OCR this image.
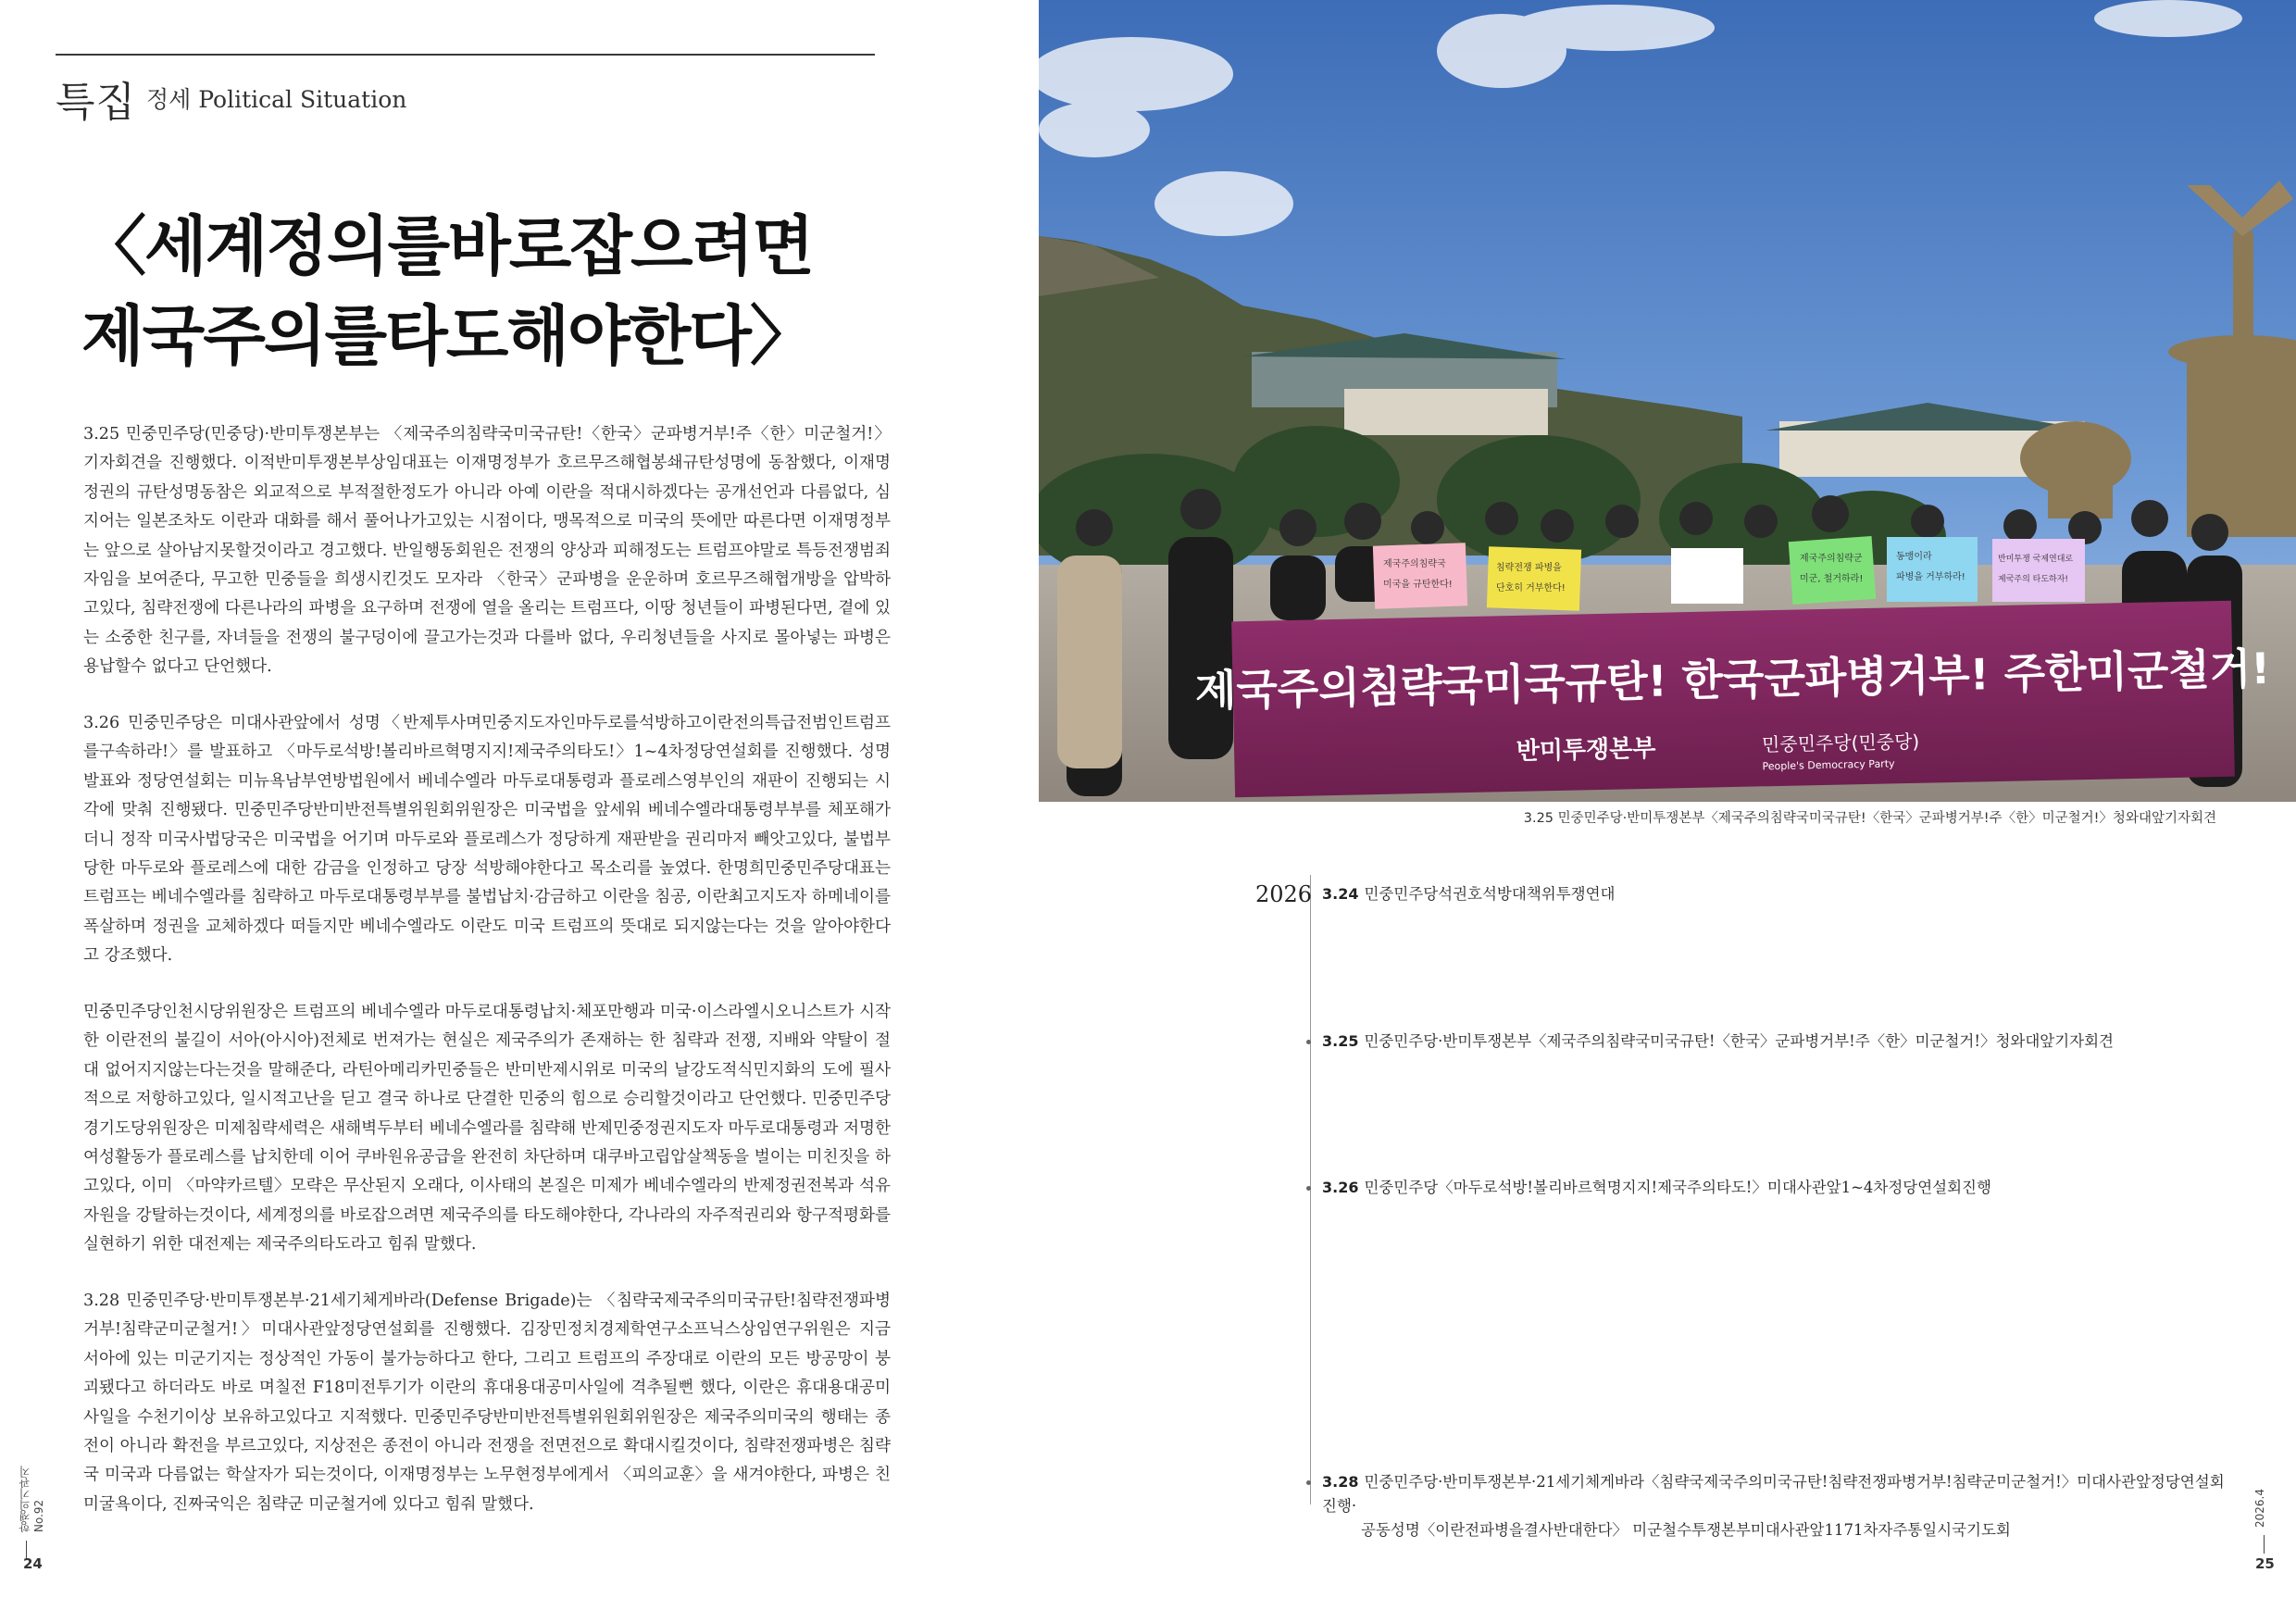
특집 정세 Political Situation
〈세계정의를바로잡으려면
제국주의를타도해야한다〉

3.25 민중민주당(민중당)·반미투쟁본부는 〈제국주의침략국미국규탄!〈한국〉군파병거부!주〈한〉미군철거!〉기자회견을 진행했다. 이적반미투쟁본부상임대표는 이재명정부가 호르무즈해협봉쇄규탄성명에 동참했다, 이재명정권의 규탄성명동참은 외교적으로 부적절한정도가 아니라 아예 이란을 적대시하겠다는 공개선언과 다름없다, 심지어는 일본조차도 이란과 대화를 해서 풀어나가고있는 시점이다, 맹목적으로 미국의 뜻에만 따른다면 이재명정부는 앞으로 살아남지못할것이라고 경고했다. 반일행동회원은 전쟁의 양상과 피해정도는 트럼프야말로 특등전쟁범죄자임을 보여준다, 무고한 민중들을 희생시킨것도 모자라 〈한국〉군파병을 운운하며 호르무즈해협개방을 압박하고있다, 침략전쟁에 다른나라의 파병을 요구하며 전쟁에 열을 올리는 트럼프다, 이땅 청년들이 파병된다면, 곁에 있는 소중한 친구를, 자녀들을 전쟁의 불구덩이에 끌고가는것과 다를바 없다, 우리청년들을 사지로 몰아넣는 파병은 용납할수 없다고 단언했다.

3.26 민중민주당은 미대사관앞에서 성명〈반제투사며민중지도자인마두로를석방하고이란전의특급전범인트럼프를구속하라!〉를 발표하고 〈마두로석방!볼리바르혁명지지!제국주의타도!〉1~4차정당연설회를 진행했다. 성명발표와 정당연설회는 미뉴욕남부연방법원에서 베네수엘라 마두로대통령과 플로레스영부인의 재판이 진행되는 시각에 맞춰 진행됐다. 민중민주당반미반전특별위원회위원장은 미국법을 앞세워 베네수엘라대통령부부를 체포해가더니 정작 미국사법당국은 미국법을 어기며 마두로와 플로레스가 정당하게 재판받을 권리마저 빼앗고있다, 불법부당한 마두로와 플로레스에 대한 감금을 인정하고 당장 석방해야한다고 목소리를 높였다. 한명희민중민주당대표는 트럼프는 베네수엘라를 침략하고 마두로대통령부부를 불법납치·감금하고 이란을 침공, 이란최고지도자 하메네이를 폭살하며 정권을 교체하겠다 떠들지만 베네수엘라도 이란도 미국 트럼프의 뜻대로 되지않는다는 것을 알아야한다고 강조했다.

민중민주당인천시당위원장은 트럼프의 베네수엘라 마두로대통령납치·체포만행과 미국·이스라엘시오니스트가 시작한 이란전의 불길이 서아(아시아)전체로 번져가는 현실은 제국주의가 존재하는 한 침략과 전쟁, 지배와 약탈이 절대 없어지지않는다는것을 말해준다, 라틴아메리카민중들은 반미반제시위로 미국의 날강도적식민지화의 도에 필사적으로 저항하고있다, 일시적고난을 딛고 결국 하나로 단결한 민중의 힘으로 승리할것이라고 단언했다. 민중민주당경기도당위원장은 미제침략세력은 새해벽두부터 베네수엘라를 침략해 반제민중정권지도자 마두로대통령과 저명한 여성활동가 플로레스를 납치한데 이어 쿠바원유공급을 완전히 차단하며 대쿠바고립압살책동을 벌이는 미친짓을 하고있다, 이미 〈마약카르텔〉모략은 무산된지 오래다, 이사태의 본질은 미제가 베네수엘라의 반제정권전복과 석유자원을 강탈하는것이다, 세계정의를 바로잡으려면 제국주의를 타도해야한다, 각나라의 자주적권리와 항구적평화를 실현하기 위한 대전제는 제국주의타도라고 힘줘 말했다.

3.28 민중민주당·반미투쟁본부·21세기체게바라(Defense Brigade)는 〈침략국제국주의미국규탄!침략전쟁파병거부!침략군미군철거!〉미대사관앞정당연설회를 진행했다. 김장민정치경제학연구소프닉스상임연구위원은 지금 서아에 있는 미군기지는 정상적인 가동이 불가능하다고 한다, 그리고 트럼프의 주장대로 이란의 모든 방공망이 붕괴됐다고 하더라도 바로 며칠전 F18미전투기가 이란의 휴대용대공미사일에 격추될뻔 했다, 이란은 휴대용대공미사일을 수천기이상 보유하고있다고 지적했다. 민중민주당반미반전특별위원회위원장은 제국주의미국의 행태는 종전이 아니라 확전을 부르고있다, 지상전은 종전이 아니라 전쟁을 전면전으로 확대시킬것이다, 침략전쟁파병은 침략국 미국과 다름없는 학살자가 되는것이다, 이재명정부는 노무현정부에게서 〈피의교훈〉을 새겨야한다, 파병은 친미굴욕이다, 진짜국익은 침략군 미군철거에 있다고 힘줘 말했다.

항쟁의기관지 No.92
24
제국주의침략국
미국을 규탄한다!
침략전쟁 파병을
단호히 거부한다!
제국주의침략군
미군, 철거하라!
동맹이라
파병을 거부하라!
반미투쟁 국제연대로
제국주의 타도하자!
제국주의침략국미국규탄! 한국군파병거부! 주한미군철거!
반미투쟁본부	민중민주당(민중당)
People's Democracy Party
3.25 민중민주당·반미투쟁본부〈제국주의침략국미국규탄!〈한국〉군파병거부!주〈한〉미군철거!〉청와대앞기자회견
2026 3.24 민중민주당석권호석방대책위투쟁연대
3.25 민중민주당·반미투쟁본부〈제국주의침략국미국규탄!〈한국〉군파병거부!주〈한〉미군철거!〉청와대앞기자회견
3.26 민중민주당〈마두로석방!볼리바르혁명지지!제국주의타도!〉미대사관앞1~4차정당연설회진행
3.28 민중민주당·반미투쟁본부·21세기체게바라〈침략국제국주의미국규탄!침략전쟁파병거부!침략군미군철거!〉미대사관앞정당연설회진행·
공동성명〈이란전파병을결사반대한다〉 미군철수투쟁본부미대사관앞1171차자주통일시국기도회
2026.4
25
